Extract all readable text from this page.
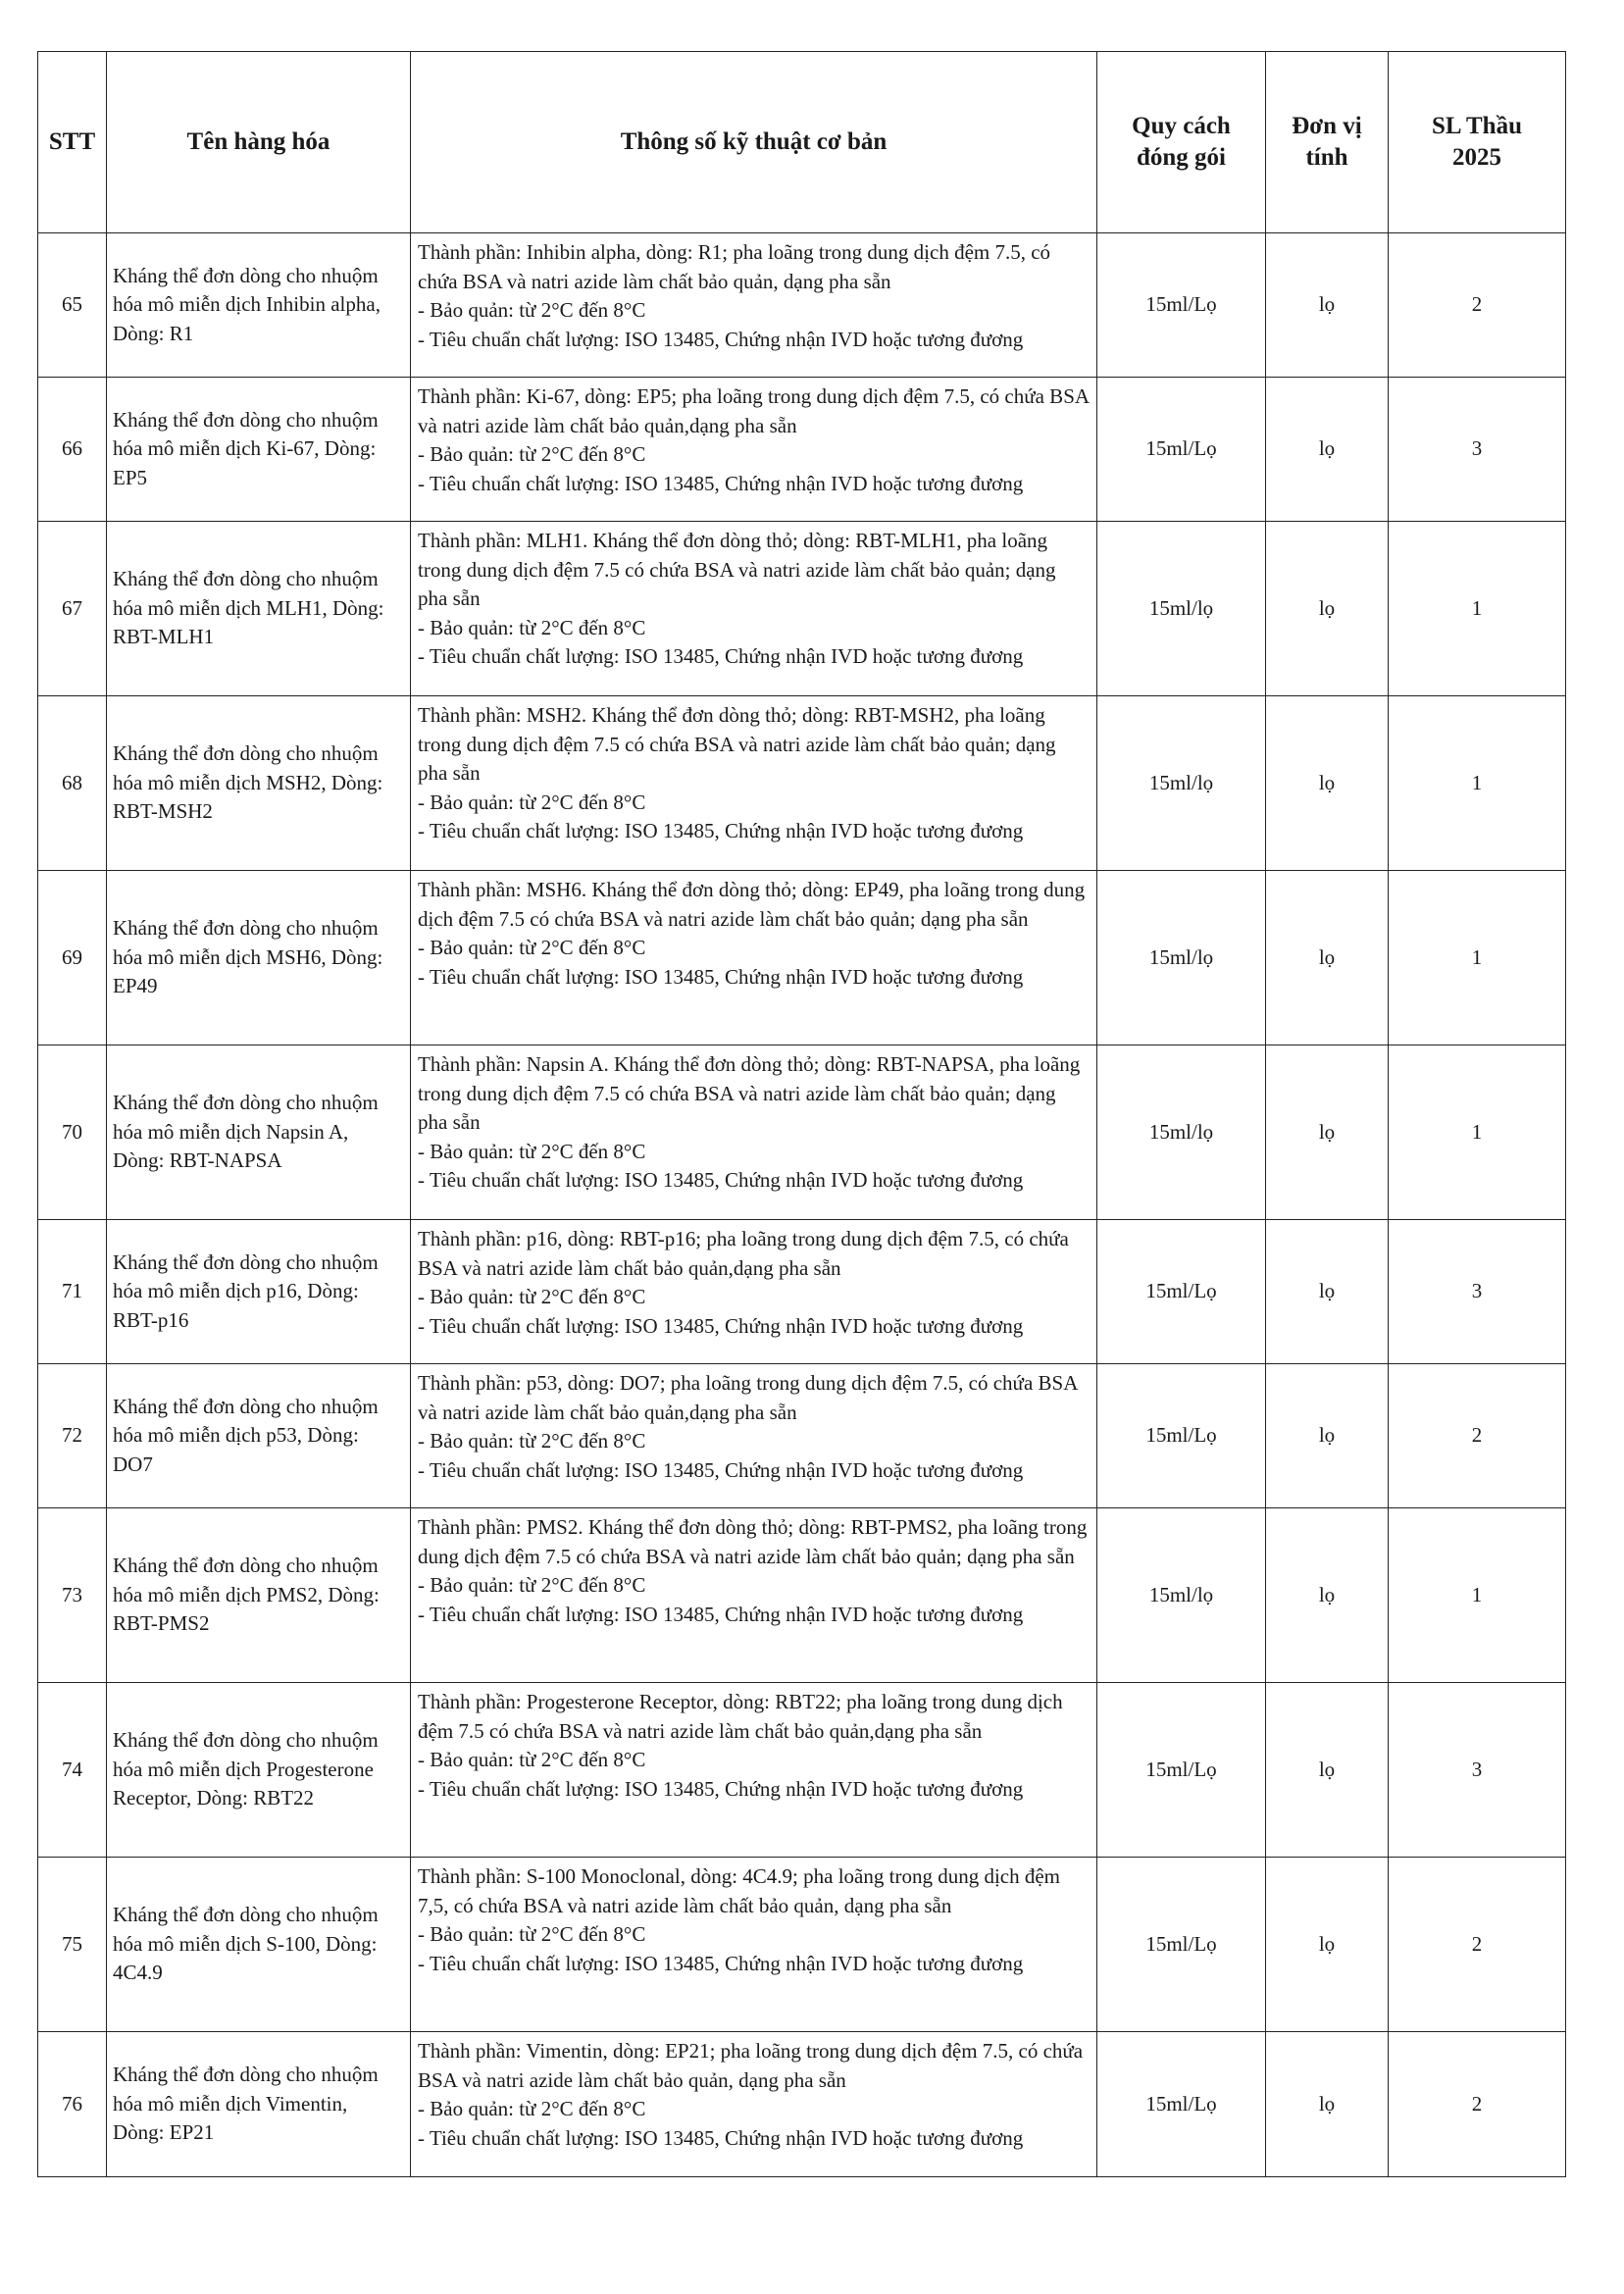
STT	Tên hàng hóa	Thông số kỹ thuật cơ bản	Quy cách đóng gói	Đơn vị tính	SL Thầu 2025
65	Kháng thể đơn dòng cho nhuộm hóa mô miễn dịch Inhibin alpha, Dòng: R1	Thành phần: Inhibin alpha, dòng: R1; pha loãng trong dung dịch đệm 7.5, có chứa BSA và natri azide làm chất bảo quản, dạng pha sẵn
- Bảo quản: từ 2°C đến 8°C
- Tiêu chuẩn chất lượng: ISO 13485, Chứng nhận IVD hoặc tương đương	15ml/Lọ	lọ	2
66	Kháng thể đơn dòng cho nhuộm hóa mô miễn dịch Ki-67, Dòng: EP5	Thành phần: Ki-67, dòng: EP5; pha loãng trong dung dịch đệm 7.5, có chứa BSA và natri azide làm chất bảo quản,dạng pha sẵn
- Bảo quản: từ 2°C đến 8°C
- Tiêu chuẩn chất lượng: ISO 13485, Chứng nhận IVD hoặc tương đương	15ml/Lọ	lọ	3
67	Kháng thể đơn dòng cho nhuộm hóa mô miễn dịch MLH1, Dòng: RBT-MLH1	Thành phần: MLH1. Kháng thể đơn dòng thỏ; dòng: RBT-MLH1, pha loãng trong dung dịch đệm 7.5 có chứa BSA và natri azide làm chất bảo quản; dạng pha sẵn
- Bảo quản: từ 2°C đến 8°C
- Tiêu chuẩn chất lượng: ISO 13485, Chứng nhận IVD hoặc tương đương	15ml/lọ	lọ	1
68	Kháng thể đơn dòng cho nhuộm hóa mô miễn dịch MSH2, Dòng: RBT-MSH2	Thành phần: MSH2. Kháng thể đơn dòng thỏ; dòng: RBT-MSH2, pha loãng trong dung dịch đệm 7.5 có chứa BSA và natri azide làm chất bảo quản; dạng pha sẵn
- Bảo quản: từ 2°C đến 8°C
- Tiêu chuẩn chất lượng: ISO 13485, Chứng nhận IVD hoặc tương đương	15ml/lọ	lọ	1
69	Kháng thể đơn dòng cho nhuộm hóa mô miễn dịch MSH6, Dòng: EP49	Thành phần: MSH6. Kháng thể đơn dòng thỏ; dòng: EP49, pha loãng trong dung dịch đệm 7.5 có chứa BSA và natri azide làm chất bảo quản; dạng pha sẵn
- Bảo quản: từ 2°C đến 8°C
- Tiêu chuẩn chất lượng: ISO 13485, Chứng nhận IVD hoặc tương đương	15ml/lọ	lọ	1
70	Kháng thể đơn dòng cho nhuộm hóa mô miễn dịch Napsin A, Dòng: RBT-NAPSA	Thành phần: Napsin A. Kháng thể đơn dòng thỏ; dòng: RBT-NAPSA, pha loãng trong dung dịch đệm 7.5 có chứa BSA và natri azide làm chất bảo quản; dạng pha sẵn
- Bảo quản: từ 2°C đến 8°C
- Tiêu chuẩn chất lượng: ISO 13485, Chứng nhận IVD hoặc tương đương	15ml/lọ	lọ	1
71	Kháng thể đơn dòng cho nhuộm hóa mô miễn dịch p16, Dòng: RBT-p16	Thành phần: p16, dòng: RBT-p16; pha loãng trong dung dịch đệm 7.5, có chứa BSA và natri azide làm chất bảo quản,dạng pha sẵn
- Bảo quản: từ 2°C đến 8°C
- Tiêu chuẩn chất lượng: ISO 13485, Chứng nhận IVD hoặc tương đương	15ml/Lọ	lọ	3
72	Kháng thể đơn dòng cho nhuộm hóa mô miễn dịch p53, Dòng: DO7	Thành phần: p53, dòng: DO7; pha loãng trong dung dịch đệm 7.5, có chứa BSA và natri azide làm chất bảo quản,dạng pha sẵn
- Bảo quản: từ 2°C đến 8°C
- Tiêu chuẩn chất lượng: ISO 13485, Chứng nhận IVD hoặc tương đương	15ml/Lọ	lọ	2
73	Kháng thể đơn dòng cho nhuộm hóa mô miễn dịch PMS2, Dòng: RBT-PMS2	Thành phần: PMS2. Kháng thể đơn dòng thỏ; dòng: RBT-PMS2, pha loãng trong dung dịch đệm 7.5 có chứa BSA và natri azide làm chất bảo quản; dạng pha sẵn
- Bảo quản: từ 2°C đến 8°C
- Tiêu chuẩn chất lượng: ISO 13485, Chứng nhận IVD hoặc tương đương	15ml/lọ	lọ	1
74	Kháng thể đơn dòng cho nhuộm hóa mô miễn dịch Progesterone Receptor, Dòng: RBT22	Thành phần: Progesterone Receptor, dòng: RBT22; pha loãng trong dung dịch đệm 7.5 có chứa BSA và natri azide làm chất bảo quản,dạng pha sẵn
- Bảo quản: từ 2°C đến 8°C
- Tiêu chuẩn chất lượng: ISO 13485, Chứng nhận IVD hoặc tương đương	15ml/Lọ	lọ	3
75	Kháng thể đơn dòng cho nhuộm hóa mô miễn dịch S-100, Dòng: 4C4.9	Thành phần: S-100 Monoclonal, dòng: 4C4.9; pha loãng trong dung dịch đệm 7,5, có chứa BSA và natri azide làm chất bảo quản, dạng pha sẵn
- Bảo quản: từ 2°C đến 8°C
- Tiêu chuẩn chất lượng: ISO 13485, Chứng nhận IVD hoặc tương đương	15ml/Lọ	lọ	2
76	Kháng thể đơn dòng cho nhuộm hóa mô miễn dịch Vimentin, Dòng: EP21	Thành phần: Vimentin, dòng: EP21; pha loãng trong dung dịch đệm 7.5, có chứa BSA và natri azide làm chất bảo quản, dạng pha sẵn
- Bảo quản: từ 2°C đến 8°C
- Tiêu chuẩn chất lượng: ISO 13485, Chứng nhận IVD hoặc tương đương	15ml/Lọ	lọ	2
